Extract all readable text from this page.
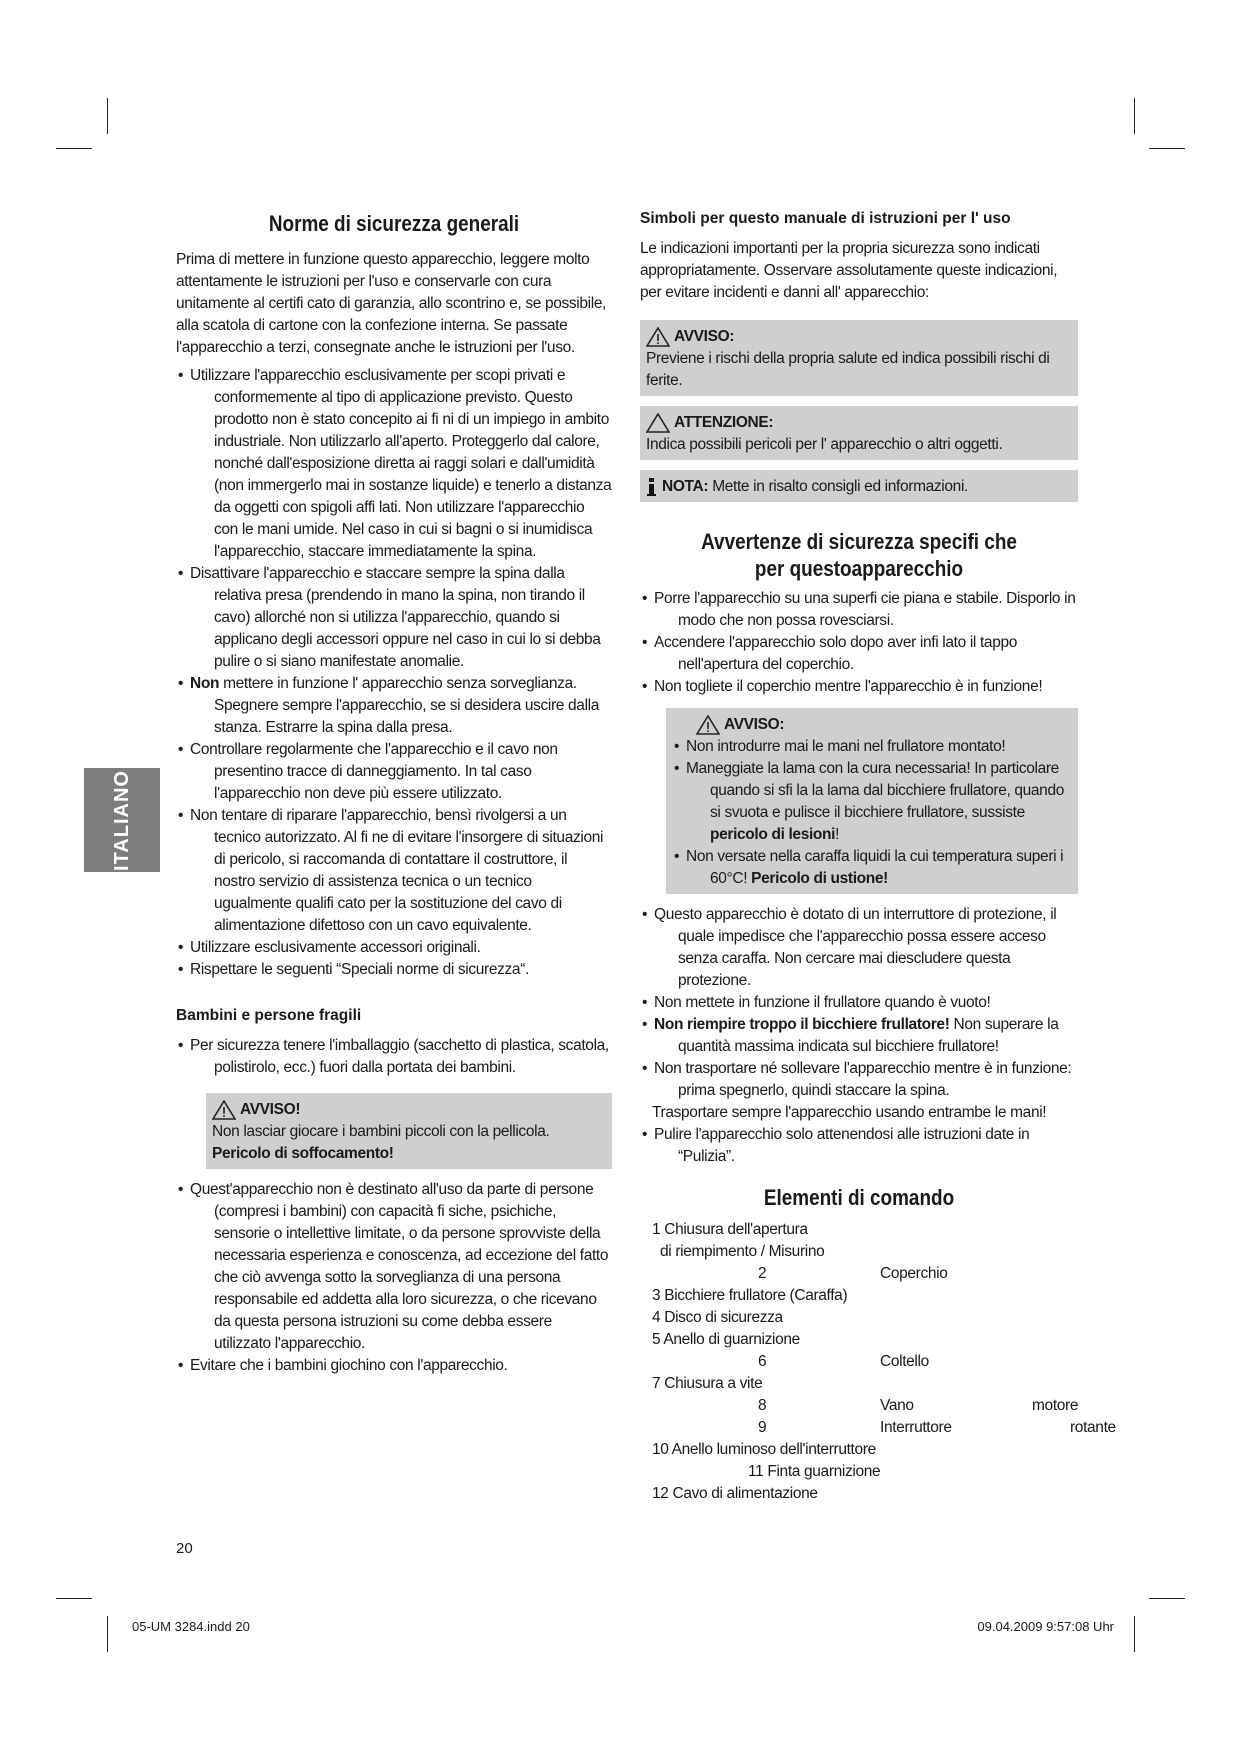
ITALIANO
Norme di sicurezza generali

Prima di mettere in funzione questo apparecchio, leggere molto attentamente le istruzioni per l'uso e conservarle con cura unitamente al certifi cato di garanzia, allo scontrino e, se possibile, alla scatola di cartone con la confezione interna. Se passate l'apparecchio a terzi, consegnate anche le istruzioni per l'uso.

• Utilizzare l'apparecchio esclusivamente per scopi privati e conformemente al tipo di applicazione previsto. Questo prodotto non è stato concepito ai fi ni di un impiego in ambito industriale. Non utilizzarlo all'aperto. Proteggerlo dal calore, nonché dall'esposizione diretta ai raggi solari e dall'umidità (non immergerlo mai in sostanze liquide) e tenerlo a distanza da oggetti con spigoli affi lati. Non utilizzare l'apparecchio con le mani umide. Nel caso in cui si bagni o si inumidisca l'apparecchio, staccare immediatamente la spina.
• Disattivare l'apparecchio e staccare sempre la spina dalla relativa presa (prendendo in mano la spina, non tirando il cavo) allorché non si utilizza l'apparecchio, quando si applicano degli accessori oppure nel caso in cui lo si debba pulire o si siano manifestate anomalie.
• Non mettere in funzione l' apparecchio senza sorveglianza. Spegnere sempre l'apparecchio, se si desidera uscire dalla stanza. Estrarre la spina dalla presa.
• Controllare regolarmente che l'apparecchio e il cavo non presentino tracce di danneggiamento. In tal caso l'apparecchio non deve più essere utilizzato.
• Non tentare di riparare l'apparecchio, bensì rivolgersi a un tecnico autorizzato. Al fi ne di evitare l'insorgere di situazioni di pericolo, si raccomanda di contattare il costruttore, il nostro servizio di assistenza tecnica o un tecnico ugualmente qualifi cato per la sostituzione del cavo di alimentazione difettoso con un cavo equivalente.
• Utilizzare esclusivamente accessori originali.
• Rispettare le seguenti “Speciali norme di sicurezza“.
Bambini e persone fragili
• Per sicurezza tenere l'imballaggio (sacchetto di plastica, scatola, polistirolo, ecc.) fuori dalla portata dei bambini.
AVVISO!
Non lasciar giocare i bambini piccoli con la pellicola.
Pericolo di soffocamento!
• Quest'apparecchio non è destinato all'uso da parte di persone (compresi i bambini) con capacità fi siche, psichiche, sensorie o intellettive limitate, o da persone sprovviste della necessaria esperienza e conoscenza, ad eccezione del fatto che ciò avvenga sotto la sorveglianza di una persona responsabile ed addetta alla loro sicurezza, o che ricevano da questa persona istruzioni su come debba essere utilizzato l'apparecchio.
• Evitare che i bambini giochino con l'apparecchio.
Simboli per questo manuale di istruzioni per l' uso

Le indicazioni importanti per la propria sicurezza sono indicati appropriatamente. Osservare assolutamente queste indicazioni, per evitare incidenti e danni all' apparecchio:

AVVISO:
Previene i rischi della propria salute ed indica possibili rischi di ferite.
ATTENZIONE:
Indica possibili pericoli per l' apparecchio o altri oggetti.
NOTA: Mette in risalto consigli ed informazioni.
Avvertenze di sicurezza specifi che
per questoapparecchio
• Porre l'apparecchio su una superfi cie piana e stabile. Disporlo in modo che non possa rovesciarsi.
• Accendere l'apparecchio solo dopo aver infi lato il tappo nell'apertura del coperchio.
• Non togliete il coperchio mentre l'apparecchio è in funzione!
AVVISO:
• Non introdurre mai le mani nel frullatore montato!
• Maneggiate la lama con la cura necessaria! In particolare quando si sfi la la lama dal bicchiere frullatore, quando si svuota e pulisce il bicchiere frullatore, sussiste pericolo di lesioni!
• Non versate nella caraffa liquidi la cui temperatura superi i 60°C! Pericolo di ustione!
• Questo apparecchio è dotato di un interruttore di protezione, il quale impedisce che l'apparecchio possa essere acceso senza caraffa. Non cercare mai diescludere questa protezione.
• Non mettete in funzione il frullatore quando è vuoto!
• Non riempire troppo il bicchiere frullatore! Non superare la quantità massima indicata sul bicchiere frullatore!
• Non trasportare né sollevare l'apparecchio mentre è in funzione: prima spegnerlo, quindi staccare la spina.
Trasportare sempre l'apparecchio usando entrambe le mani!
• Pulire l'apparecchio solo attenendosi alle istruzioni date in “Pulizia”.
Elementi di comando
1 Chiusura dell'apertura
di riempimento / Misurino
2	Coperchio
3 Bicchiere frullatore (Caraffa)
4 Disco di sicurezza
5 Anello di guarnizione
6	Coltello
7 Chiusura a vite
8	Vano	motore
9	Interruttore	rotante
10 Anello luminoso dell'interruttore
11 Finta guarnizione
12 Cavo di alimentazione
20
05-UM 3284.indd 20	09.04.2009 9:57:08 Uhr
